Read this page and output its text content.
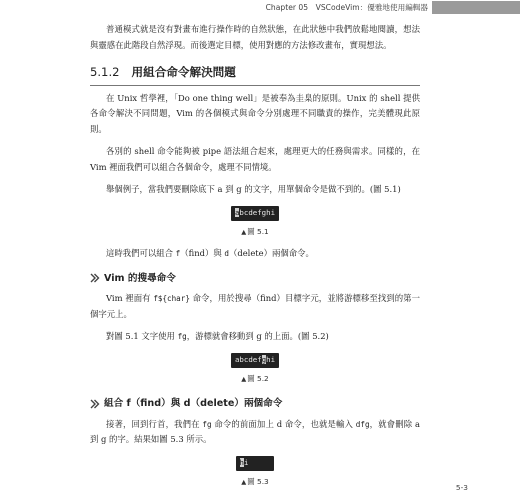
Chapter 05　VSCodeVim：優雅地使用編輯器

普通模式就是沒有對畫布進行操作時的自然狀態，在此狀態中我們放鬆地閱讀，想法與靈感在此階段自然浮現。而後選定目標，使用對應的方法修改畫布，實現想法。

5.1.2 用組合命令解決問題

在 Unix 哲學裡，「Do one thing well」是被奉為圭臬的原則。Unix 的 shell 提供各命令解決不同問題，Vim 的各個模式與命令分別處理不同職責的操作，完美體現此原則。

各別的 shell 命令能夠被 pipe 語法組合起來，處理更大的任務與需求。同樣的，在 Vim 裡面我們可以組合各個命令，處理不同情境。

舉個例子，當我們要刪除底下 a 到 g 的文字，用單個命令是做不到的。(圖 5.1)

abcdefghi
▲圖 5.1

這時我們可以組合 f（find）與 d（delete）兩個命令。

Vim 的搜尋命令

Vim 裡面有 f${char} 命令，用於搜尋（find）目標字元，並將游標移至找到的第一個字元上。

對圖 5.1 文字使用 fg，游標就會移動到 g 的上面。(圖 5.2)

abcdefghi
▲圖 5.2
組合 f（find）與 d（delete）兩個命令

接著，回到行首，我們在 fg 命令的前面加上 d 命令，也就是輸入 dfg，就會刪除 a 到 g 的字。結果如圖 5.3 所示。

hi
▲圖 5.3
5-3
